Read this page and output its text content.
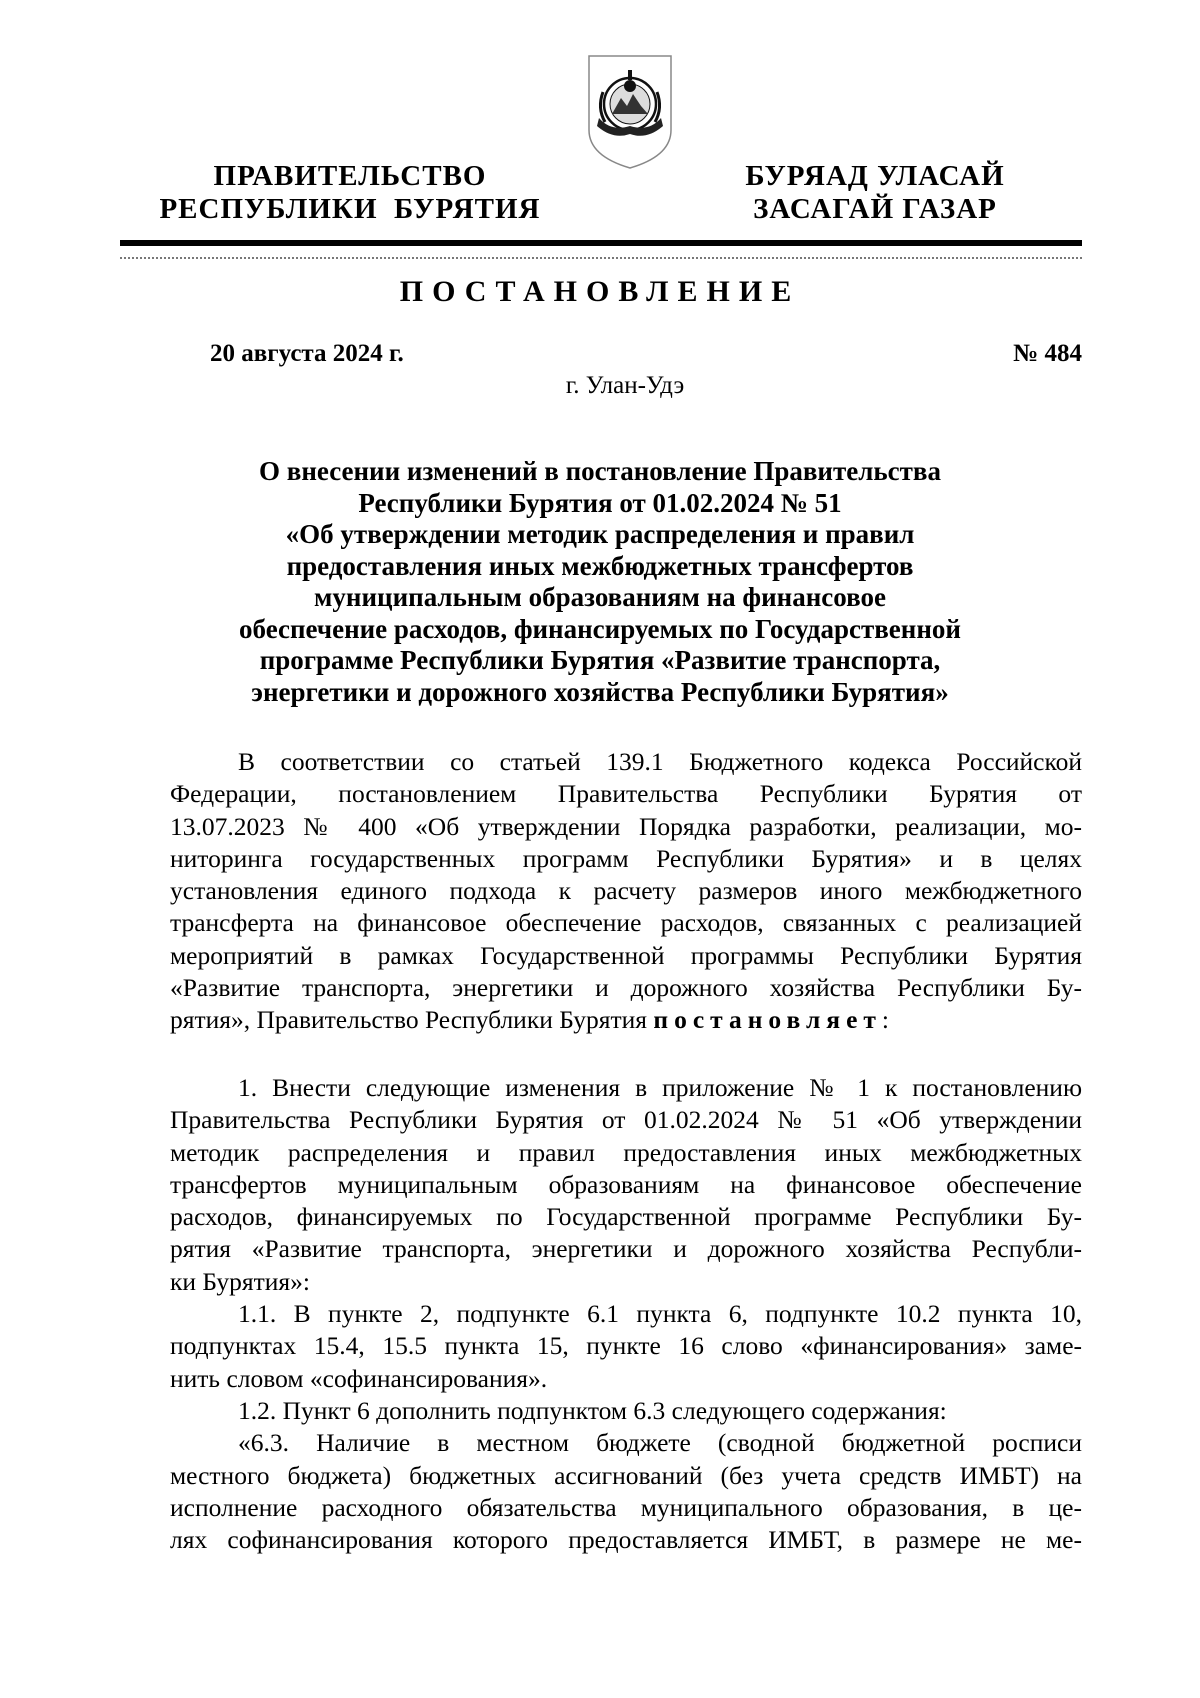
ПРАВИТЕЛЬСТВО
РЕСПУБЛИКИ  БУРЯТИЯ
БУРЯАД УЛАСАЙ
ЗАСАГАЙ ГАЗАР
ПОСТАНОВЛЕНИЕ
20 августа 2024 г.	№ 484
г. Улан-Удэ
О внесении изменений в постановление Правительства
Республики Бурятия от 01.02.2024 № 51
«Об утверждении методик распределения и правил
предоставления иных межбюджетных трансфертов
муниципальным образованиям на финансовое
обеспечение расходов, финансируемых по Государственной
программе Республики Бурятия «Развитие транспорта,
энергетики и дорожного хозяйства Республики Бурятия»
В соответствии со статьей 139.1 Бюджетного кодекса Российской
Федерации, постановлением Правительства Республики Бурятия от
13.07.2023 № 400 «Об утверждении Порядка разработки, реализации, мо-
ниторинга государственных программ Республики Бурятия» и в целях
установления единого подхода к расчету размеров иного межбюджетного
трансферта на финансовое обеспечение расходов, связанных с реализацией
мероприятий в рамках Государственной программы Республики Бурятия
«Развитие транспорта, энергетики и дорожного хозяйства Республики Бу-
рятия», Правительство Республики Бурятия постановляет:
1. Внести следующие изменения в приложение № 1 к постановлению
Правительства Республики Бурятия от 01.02.2024 № 51 «Об утверждении
методик распределения и правил предоставления иных межбюджетных
трансфертов муниципальным образованиям на финансовое обеспечение
расходов, финансируемых по Государственной программе Республики Бу-
рятия «Развитие транспорта, энергетики и дорожного хозяйства Республи-
ки Бурятия»:
1.1. В пункте 2, подпункте 6.1 пункта 6, подпункте 10.2 пункта 10,
подпунктах 15.4, 15.5 пункта 15, пункте 16 слово «финансирования» заме-
нить словом «софинансирования».
1.2. Пункт 6 дополнить подпунктом 6.3 следующего содержания:
«6.3. Наличие в местном бюджете (сводной бюджетной росписи
местного бюджета) бюджетных ассигнований (без учета средств ИМБТ) на
исполнение расходного обязательства муниципального образования, в це-
лях софинансирования которого предоставляется ИМБТ, в размере не ме-
